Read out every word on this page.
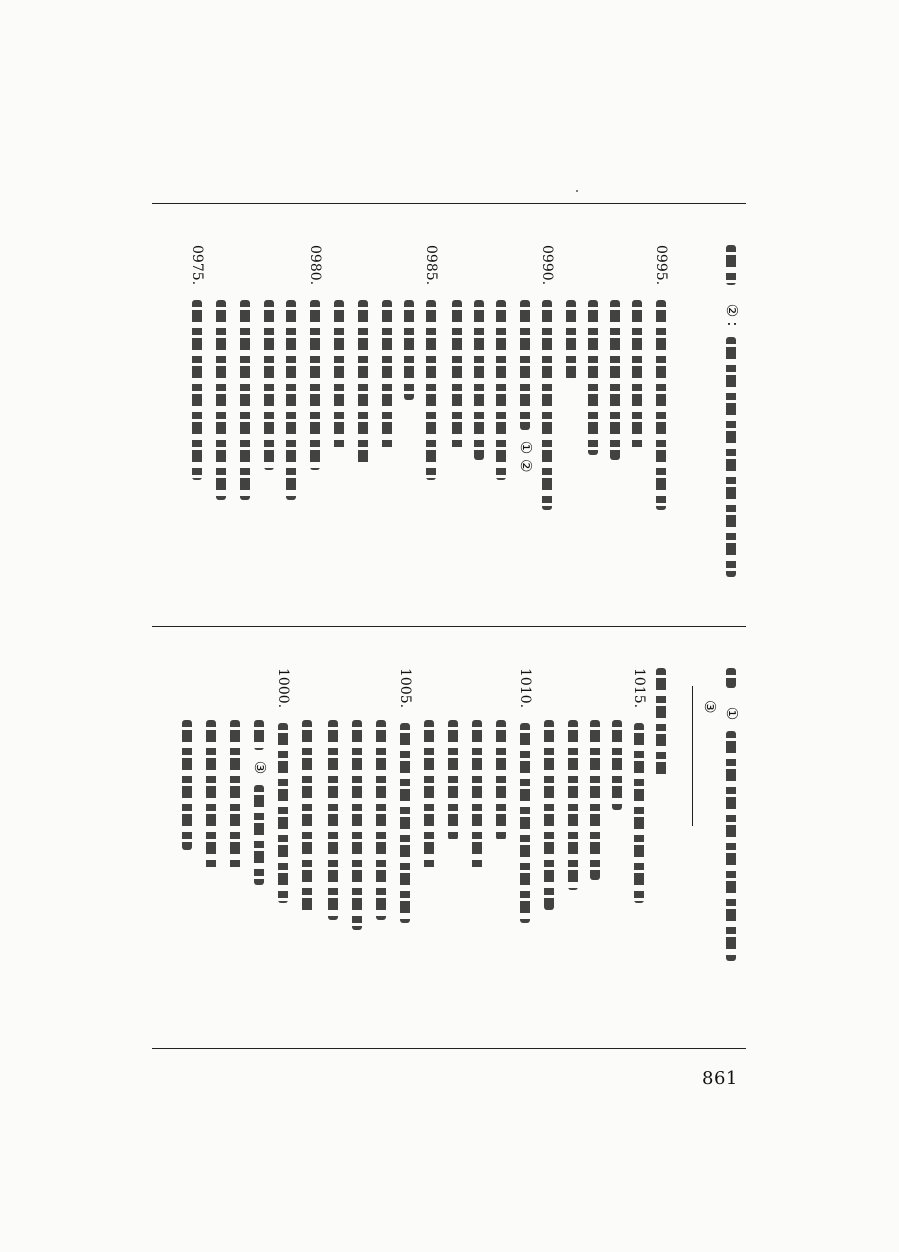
② ∶
0995.
0990.
① ②
0985.
0980.
0975.
①
③
1015.
1010.
1005.
1000.
③
861
